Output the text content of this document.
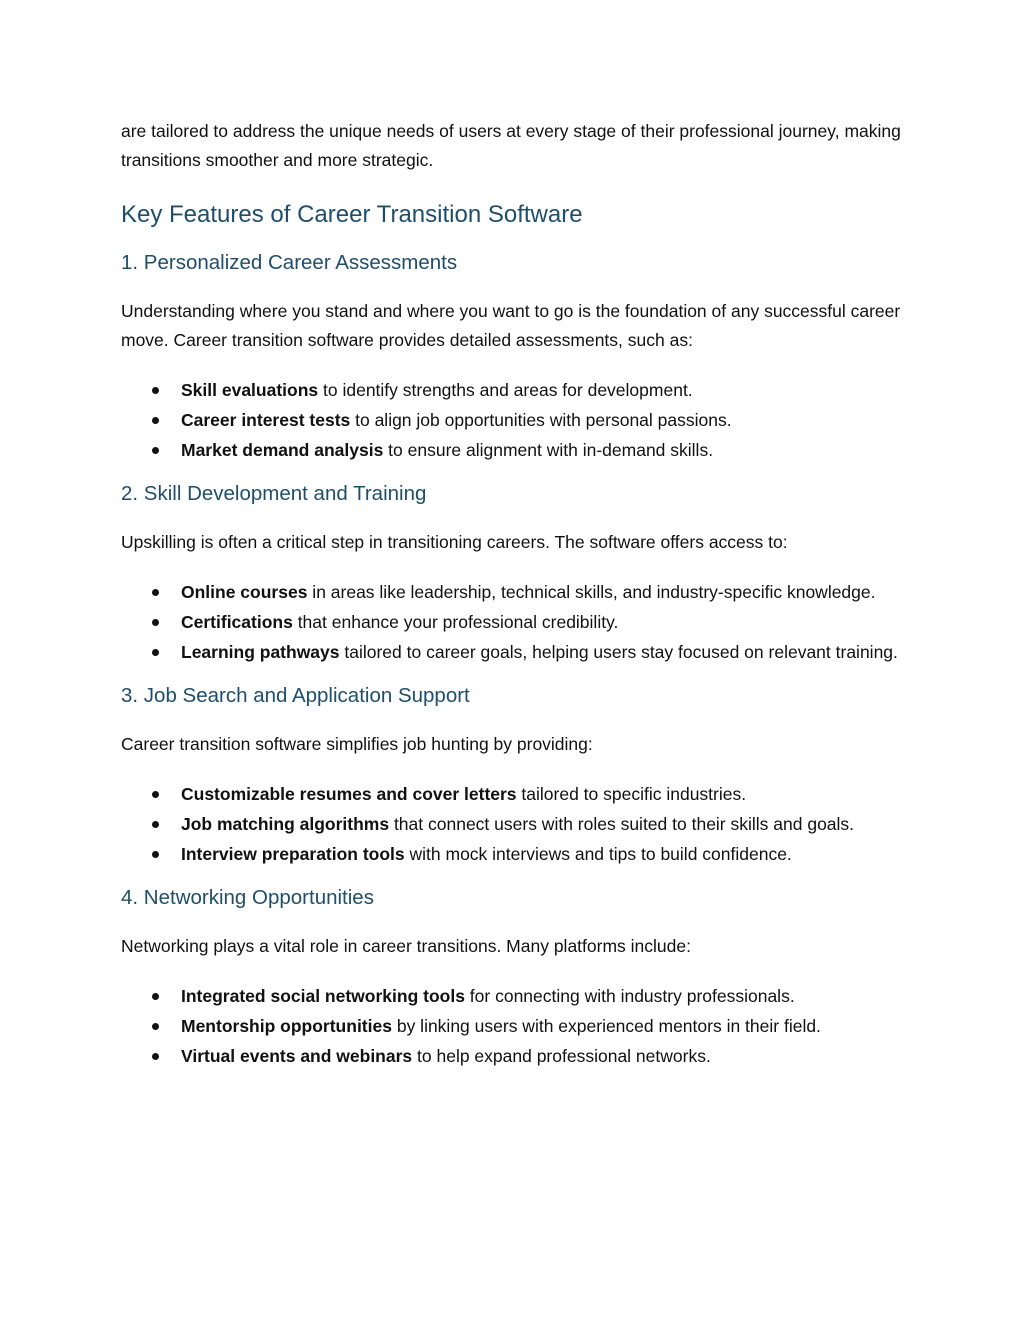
are tailored to address the unique needs of users at every stage of their professional journey, making transitions smoother and more strategic.

Key Features of Career Transition Software
1. Personalized Career Assessments

Understanding where you stand and where you want to go is the foundation of any successful career move. Career transition software provides detailed assessments, such as:

Skill evaluations to identify strengths and areas for development.
Career interest tests to align job opportunities with personal passions.
Market demand analysis to ensure alignment with in-demand skills.
2. Skill Development and Training

Upskilling is often a critical step in transitioning careers. The software offers access to:

Online courses in areas like leadership, technical skills, and industry-specific knowledge.
Certifications that enhance your professional credibility.
Learning pathways tailored to career goals, helping users stay focused on relevant training.
3. Job Search and Application Support

Career transition software simplifies job hunting by providing:

Customizable resumes and cover letters tailored to specific industries.
Job matching algorithms that connect users with roles suited to their skills and goals.
Interview preparation tools with mock interviews and tips to build confidence.
4. Networking Opportunities

Networking plays a vital role in career transitions. Many platforms include:

Integrated social networking tools for connecting with industry professionals.
Mentorship opportunities by linking users with experienced mentors in their field.
Virtual events and webinars to help expand professional networks.
